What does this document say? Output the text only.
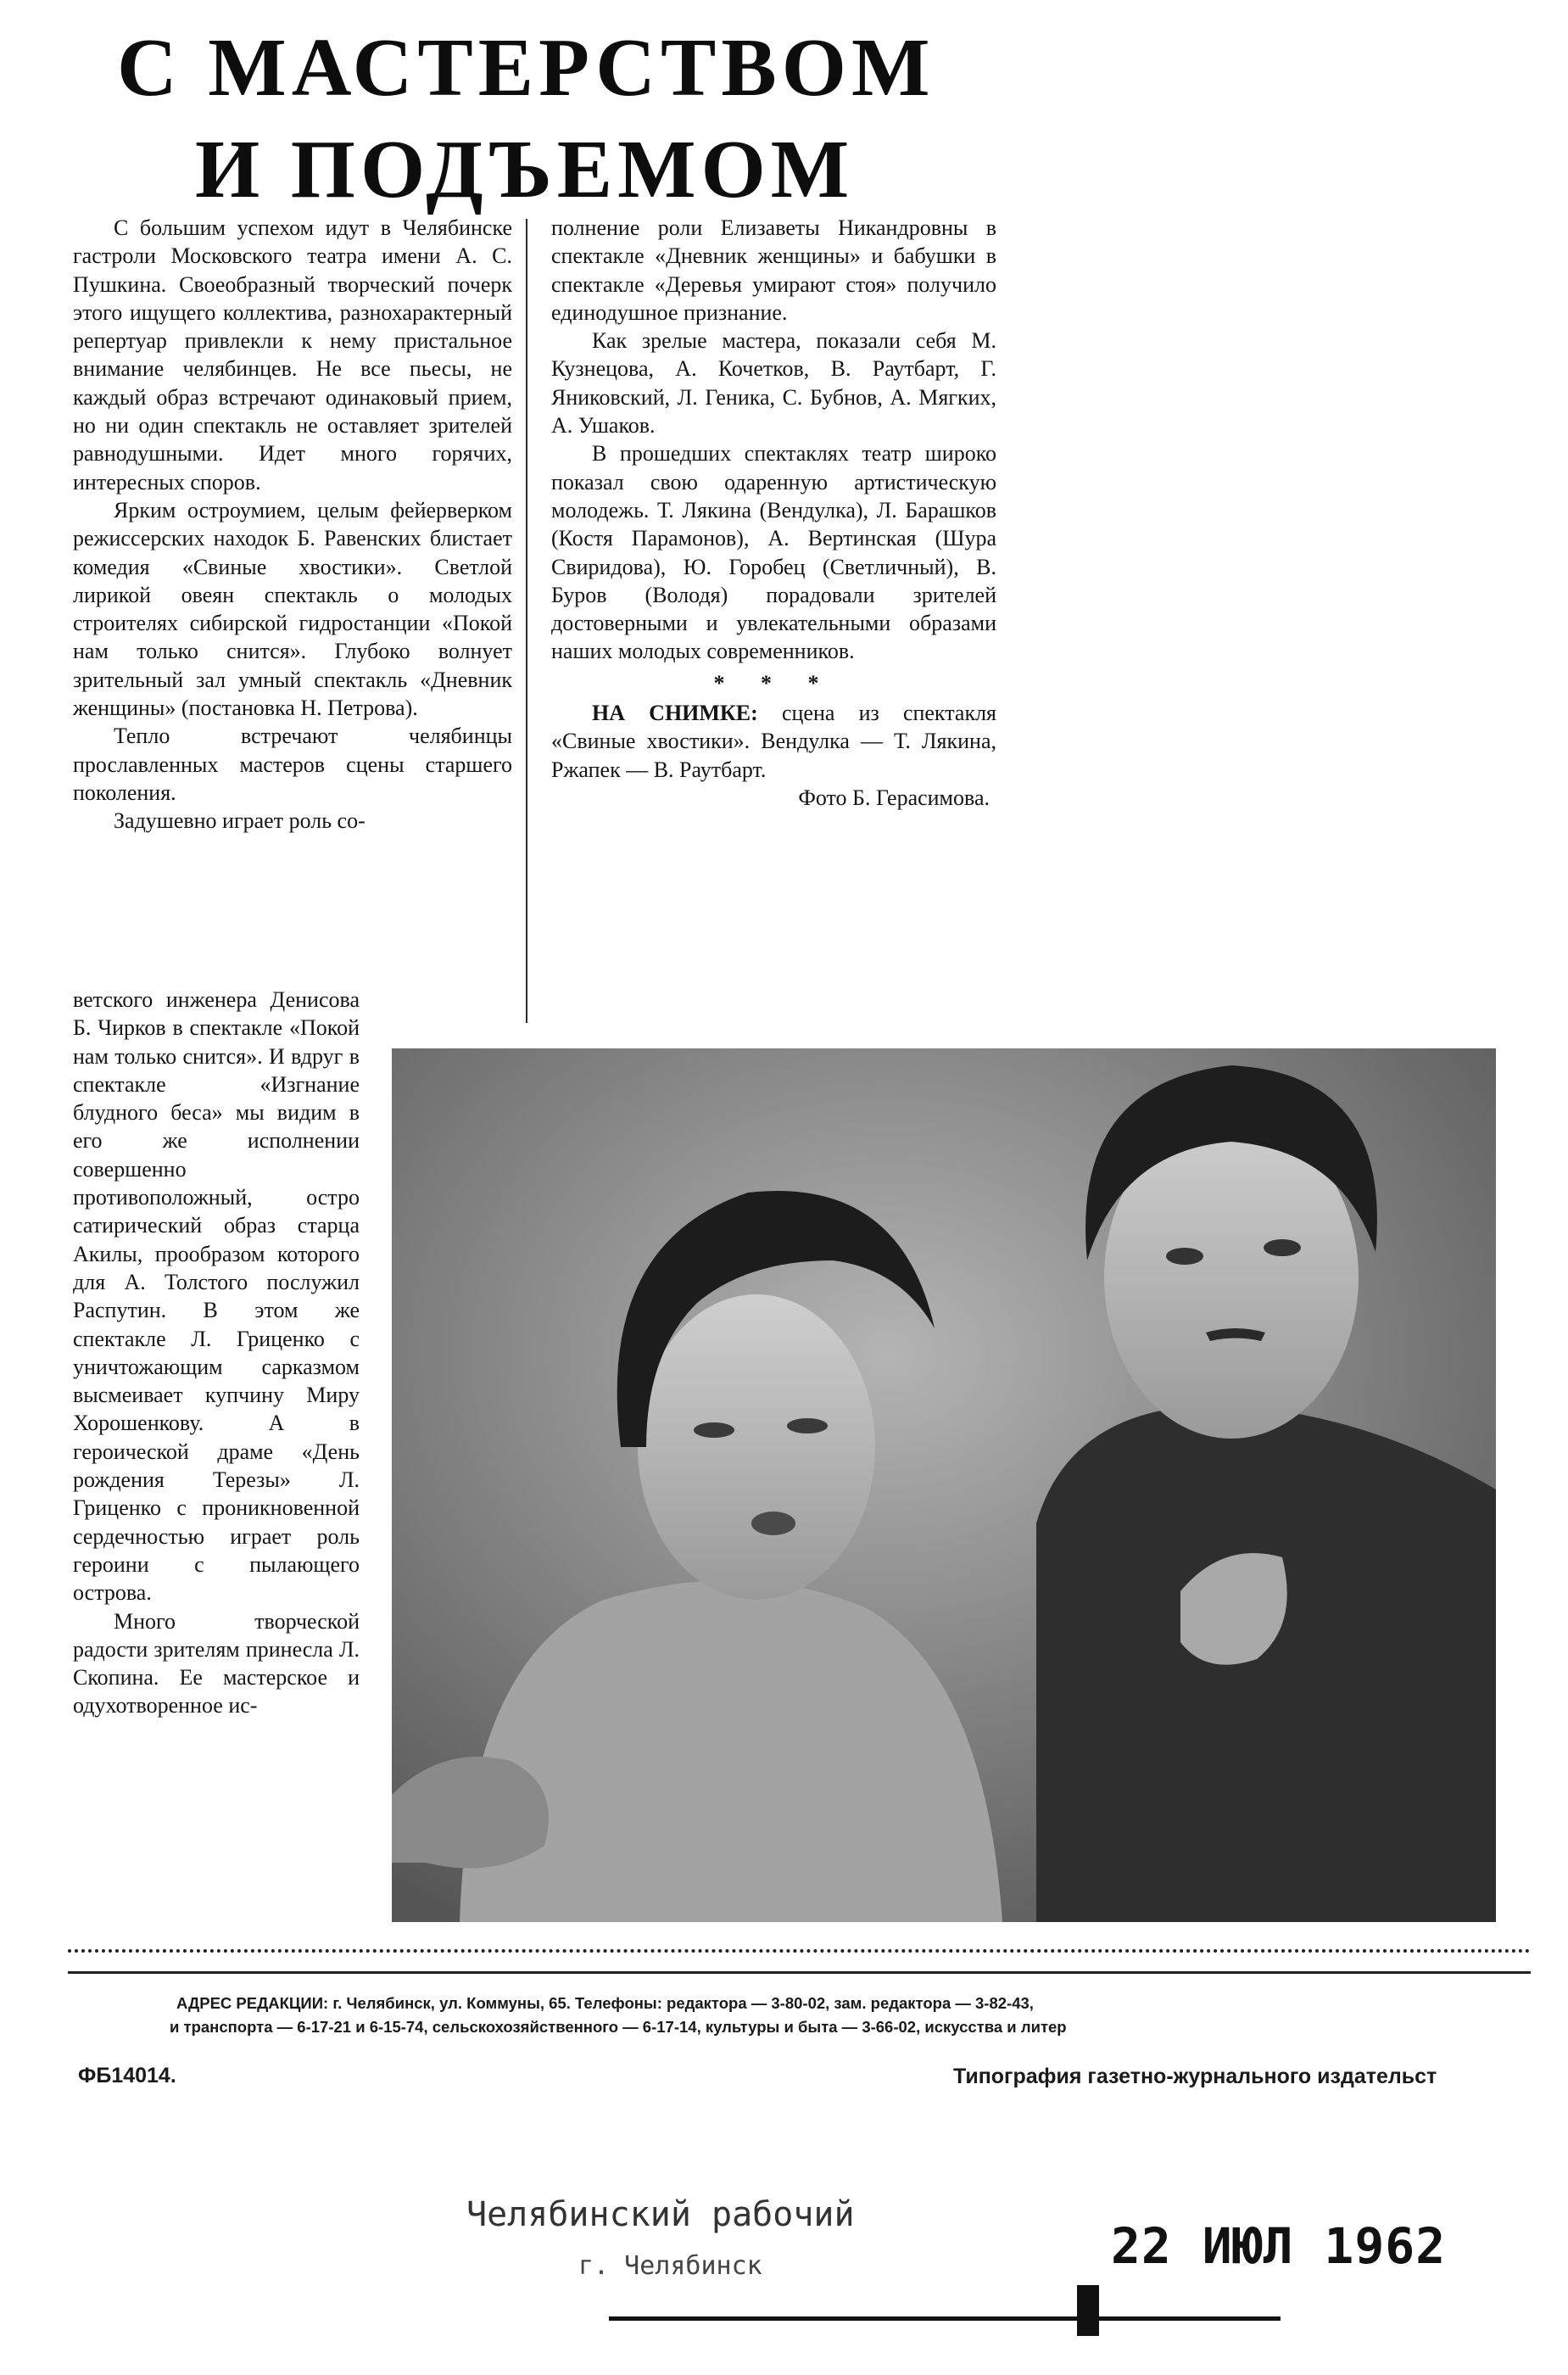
С МАСТЕРСТВОМ
И ПОДЪЕМОМ

С большим успехом идут в Челябинске гастроли Московского театра имени А. С. Пушкина. Своеобразный творческий почерк этого ищущего коллектива, разнохарактерный репертуар привлекли к нему пристальное внимание челябинцев. Не все пьесы, не каждый образ встречают одинаковый прием, но ни один спектакль не оставляет зрителей равнодушными. Идет много горячих, интересных споров.

Ярким остроумием, целым фейерверком режиссерских находок Б. Равенских блистает комедия «Свиные хвостики». Светлой лирикой овеян спектакль о молодых строителях сибирской гидростанции «Покой нам только снится». Глубоко волнует зрительный зал умный спектакль «Дневник женщины» (постановка Н. Петрова).

Тепло встречают челябинцы прославленных мастеров сцены старшего поколения.

Задушевно играет роль со-

полнение роли Елизаветы Никандровны в спектакле «Дневник женщины» и бабушки в спектакле «Деревья умирают стоя» получило единодушное признание.

Как зрелые мастера, показали себя М. Кузнецова, А. Кочетков, В. Раутбарт, Г. Яниковский, Л. Геника, С. Бубнов, А. Мягких, А. Ушаков.

В прошедших спектаклях театр широко показал свою одаренную артистическую молодежь. Т. Лякина (Вендулка), Л. Барашков (Костя Парамонов), А. Вертинская (Шура Свиридова), Ю. Горобец (Светличный), В. Буров (Володя) порадовали зрителей достоверными и увлекательными образами наших молодых современников.

* * *

НА СНИМКЕ: сцена из спектакля «Свиные хвостики». Вендулка — Т. Лякина, Ржапек — В. Раутбарт.

Фото Б. Герасимова.

ветского инженера Денисова Б. Чирков в спектакле «Покой нам только снится». И вдруг в спектакле «Изгнание блудного беса» мы видим в его же исполнении совершенно противоположный, остро сатирический образ старца Акилы, прообразом которого для А. Толстого послужил Распутин. В этом же спектакле Л. Гриценко с уничтожающим сарказмом высмеивает купчину Миру Хорошенкову. А в героической драме «День рождения Терезы» Л. Гриценко с проникновенной сердечностью играет роль героини с пылающего острова.

Много творческой радости зрителям принесла Л. Скопина. Ее мастерское и одухотворенное ис-

АДРЕС РЕДАКЦИИ: г. Челябинск, ул. Коммуны, 65. Телефоны: редактора — 3-80-02, зам. редактора — 3-82-43,
и транспорта — 6-17-21 и 6-15-74, сельскохозяйственного — 6-17-14, культуры и быта — 3-66-02, искусства и литер
ФБ14014.	Типография газетно-журнального издательст
Челябинский рабочий
г. Челябинск	22 ИЮЛ 1962
